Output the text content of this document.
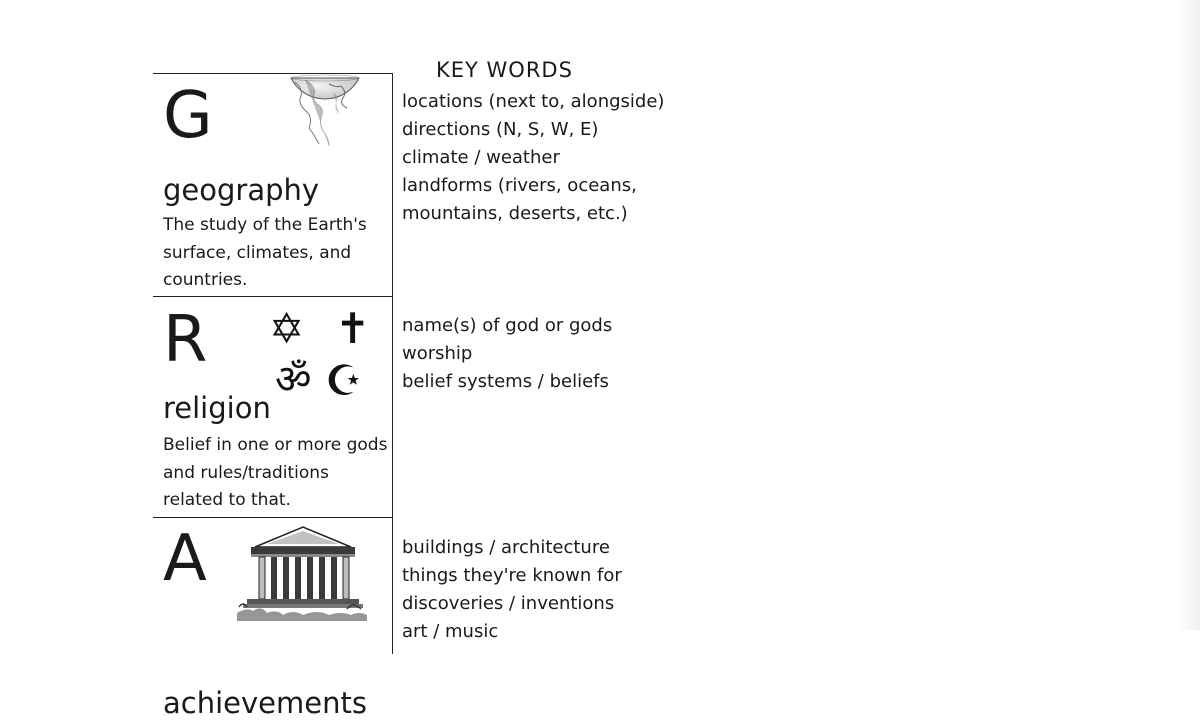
KEY WORDS
G
geography
The study of the Earth's surface, climates, and countries.
R ✡ ✝
ॐ ☪
religion
Belief in one or more gods and rules/traditions related to that.
A
achievements
locations (next to, alongside)
directions (N, S, W, E)
climate / weather
landforms (rivers, oceans,
mountains, deserts, etc.)
name(s) of god or gods
worship
belief systems / beliefs
buildings / architecture
things they're known for
discoveries / inventions
art / music
